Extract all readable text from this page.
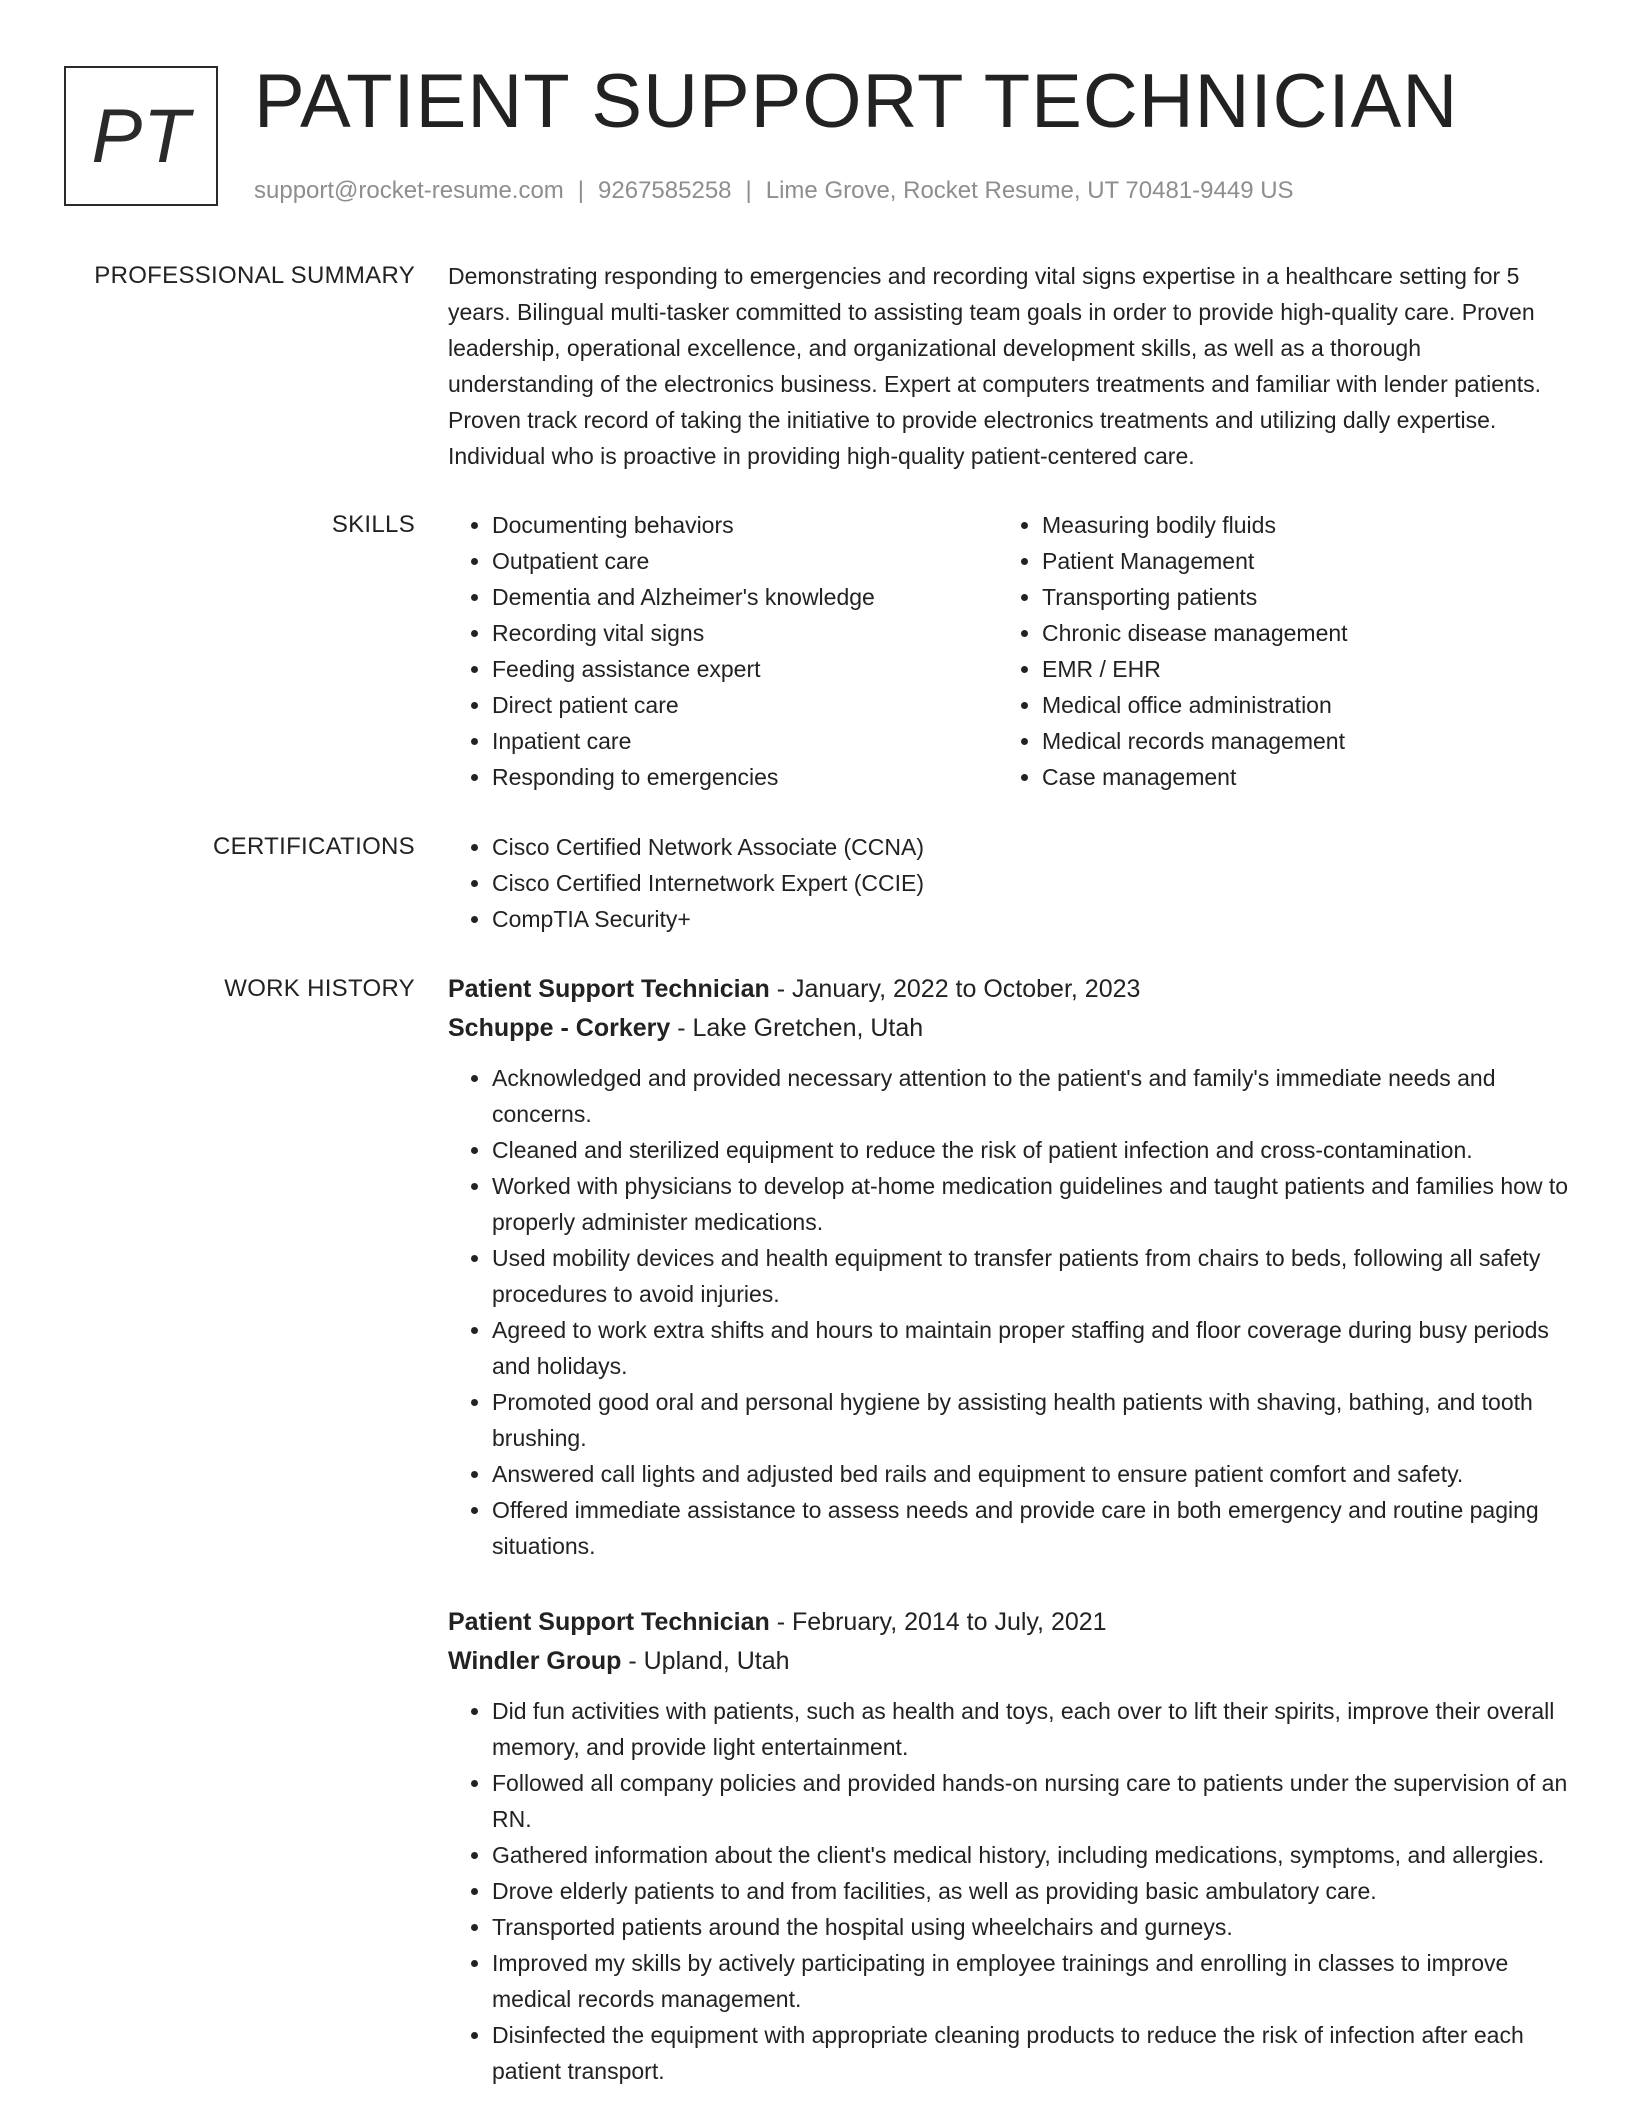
PT PATIENT SUPPORT TECHNICIAN
support@rocket-resume.com | 9267585258 | Lime Grove, Rocket Resume, UT 70481-9449 US
PROFESSIONAL SUMMARY Demonstrating responding to emergencies and recording vital signs expertise in a healthcare setting for 5 years. Bilingual multi-tasker committed to assisting team goals in order to provide high-quality care. Proven leadership, operational excellence, and organizational development skills, as well as a thorough understanding of the electronics business. Expert at computers treatments and familiar with lender patients. Proven track record of taking the initiative to provide electronics treatments and utilizing dally expertise. Individual who is proactive in providing high-quality patient-centered care.
SKILLS	• Documenting behaviors
• Outpatient care
• Dementia and Alzheimer's knowledge
• Recording vital signs
• Feeding assistance expert
• Direct patient care
• Inpatient care
• Responding to emergencies
• Measuring bodily fluids
• Patient Management
• Transporting patients
• Chronic disease management
• EMR / EHR
• Medical office administration
• Medical records management
• Case management
CERTIFICATIONS	• Cisco Certified Network Associate (CCNA)
• Cisco Certified Internetwork Expert (CCIE)
• CompTIA Security+
WORK HISTORY Patient Support Technician - January, 2022 to October, 2023
Schuppe - Corkery - Lake Gretchen, Utah
• Acknowledged and provided necessary attention to the patient's and family's immediate needs and concerns.
• Cleaned and sterilized equipment to reduce the risk of patient infection and cross-contamination.
• Worked with physicians to develop at-home medication guidelines and taught patients and families how to properly administer medications.
• Used mobility devices and health equipment to transfer patients from chairs to beds, following all safety procedures to avoid injuries.
• Agreed to work extra shifts and hours to maintain proper staffing and floor coverage during busy periods and holidays.
• Promoted good oral and personal hygiene by assisting health patients with shaving, bathing, and tooth brushing.
• Answered call lights and adjusted bed rails and equipment to ensure patient comfort and safety.
• Offered immediate assistance to assess needs and provide care in both emergency and routine paging situations.
Patient Support Technician - February, 2014 to July, 2021
Windler Group - Upland, Utah
• Did fun activities with patients, such as health and toys, each over to lift their spirits, improve their overall memory, and provide light entertainment.
• Followed all company policies and provided hands-on nursing care to patients under the supervision of an RN.
• Gathered information about the client's medical history, including medications, symptoms, and allergies.
• Drove elderly patients to and from facilities, as well as providing basic ambulatory care.
• Transported patients around the hospital using wheelchairs and gurneys.
• Improved my skills by actively participating in employee trainings and enrolling in classes to improve medical records management.
• Disinfected the equipment with appropriate cleaning products to reduce the risk of infection after each patient transport.
